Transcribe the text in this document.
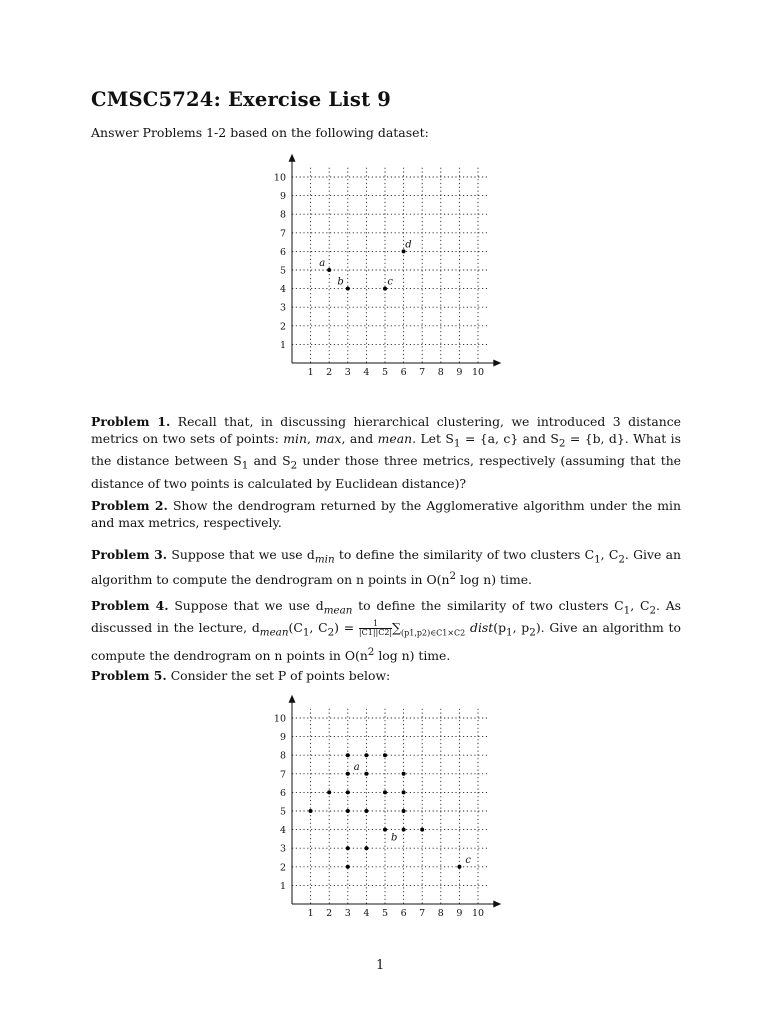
CMSC5724: Exercise List 9
Answer Problems 1-2 based on the following dataset:
1 2 3 4 5 6 7 8 9 10
1
2
3
4
5
6
7
8
9
10
a
b	c
d
Problem 1. Recall that, in discussing hierarchical clustering, we introduced 3 distance metrics on two sets of points: min, max, and mean. Let $S_1 = \{a$, c} and $S_2 = \{b$, d}. What is the distance between $S_1$ and $S_2$ under those three metrics, respectively (assuming that the distance of two points is calculated by Euclidean distance)?
Problem 2. Show the dendrogram returned by the Agglomerative algorithm under the min and max metrics, respectively.
Problem 3. Suppose that we use $d_{min}$ to define the similarity of two clusters $C_1$, $C_2$. Give an algorithm to compute the dendrogram on n points in $O(n^2$ log n) time.
Problem 4. Suppose that we use $d_{mean}$ to define the similarity of two clusters $C_1$, $C_2$. As discussed in the lecture, $d_{mean}(C_1$, $C_2) = \frac{1}{|C1||C2|} \sum_{(p1,p2)\in C1\times C2}$ $dist(p_1$, $p_2$). Give an algorithm to compute the dendrogram on n points in $O(n^2$ log n) time.
Problem 5. Consider the set P of points below:
1 2 3 4 5 6 7 8 9 10
1
2
3
4
5
6
7
8
9
10
a
b
c
1
